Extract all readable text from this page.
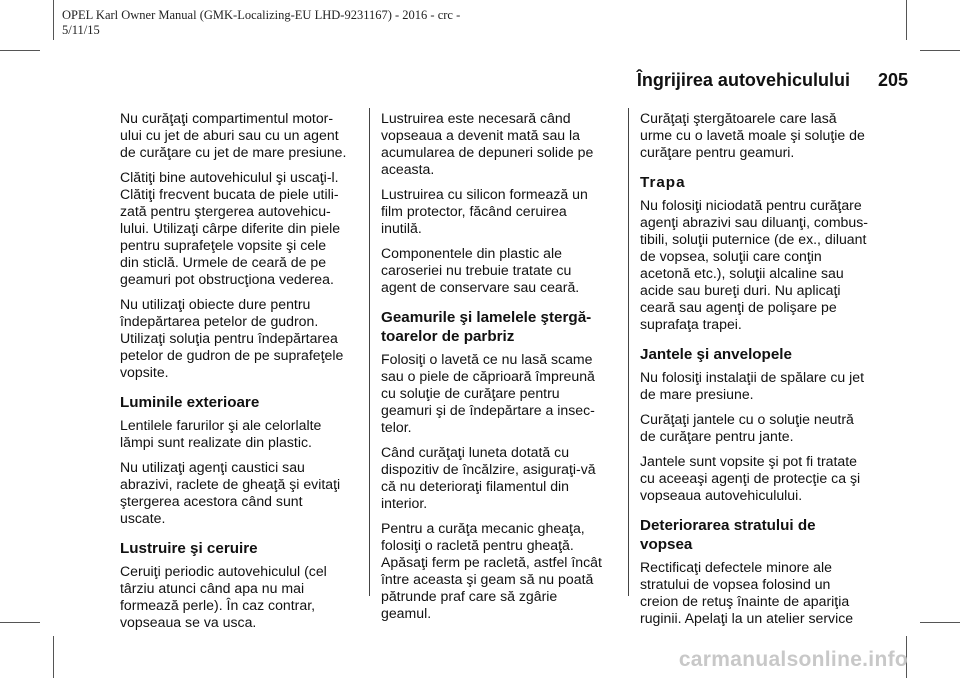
OPEL Karl Owner Manual (GMK-Localizing-EU LHD-9231167) - 2016 - crc -
5/11/15
Îngrijirea autovehiculului 205

Nu curăţaţi compartimentul motor-
ului cu jet de aburi sau cu un agent
de curăţare cu jet de mare presiune.

Clătiţi bine autovehiculul şi uscaţi-l.
Clătiţi frecvent bucata de piele utili-
zată pentru ştergerea autovehicu-
lului. Utilizaţi cârpe diferite din piele
pentru suprafeţele vopsite şi cele
din sticlă. Urmele de ceară de pe
geamuri pot obstrucţiona vederea.

Nu utilizaţi obiecte dure pentru
îndepărtarea petelor de gudron.
Utilizaţi soluţia pentru îndepărtarea
petelor de gudron de pe suprafeţele
vopsite.

Luminile exterioare

Lentilele farurilor şi ale celorlalte
lămpi sunt realizate din plastic.

Nu utilizaţi agenţi caustici sau
abrazivi, raclete de gheaţă şi evitaţi
ştergerea acestora când sunt
uscate.

Lustruire şi ceruire

Ceruiţi periodic autovehiculul (cel
târziu atunci când apa nu mai
formează perle). În caz contrar,
vopseaua se va usca.

Lustruirea este necesară când
vopseaua a devenit mată sau la
acumularea de depuneri solide pe
aceasta.

Lustruirea cu silicon formează un
film protector, făcând ceruirea
inutilă.

Componentele din plastic ale
caroseriei nu trebuie tratate cu
agent de conservare sau ceară.

Geamurile şi lamelele ştergă-
toarelor de parbriz

Folosiţi o lavetă ce nu lasă scame
sau o piele de căprioară împreună
cu soluţie de curăţare pentru
geamuri şi de îndepărtare a insec-
telor.

Când curăţaţi luneta dotată cu
dispozitiv de încălzire, asiguraţi-vă
că nu deterioraţi filamentul din
interior.

Pentru a curăţa mecanic gheaţa,
folosiţi o racletă pentru gheaţă.
Apăsaţi ferm pe racletă, astfel încât
între aceasta şi geam să nu poată
pătrunde praf care să zgârie
geamul.

Curăţaţi ştergătoarele care lasă
urme cu o lavetă moale şi soluţie de
curăţare pentru geamuri.

Trapa

Nu folosiţi niciodată pentru curăţare
agenţi abrazivi sau diluanţi, combus-
tibili, soluţii puternice (de ex., diluant
de vopsea, soluţii care conţin
acetonă etc.), soluţii alcaline sau
acide sau bureţi duri. Nu aplicaţi
ceară sau agenţi de polişare pe
suprafaţa trapei.

Jantele şi anvelopele

Nu folosiţi instalaţii de spălare cu jet
de mare presiune.

Curăţaţi jantele cu o soluţie neutră
de curăţare pentru jante.

Jantele sunt vopsite şi pot fi tratate
cu aceeaşi agenţi de protecţie ca şi
vopseaua autovehiculului.

Deteriorarea stratului de
vopsea

Rectificaţi defectele minore ale
stratului de vopsea folosind un
creion de retuş înainte de apariţia
ruginii. Apelaţi la un atelier service

carmanualsonline.info
